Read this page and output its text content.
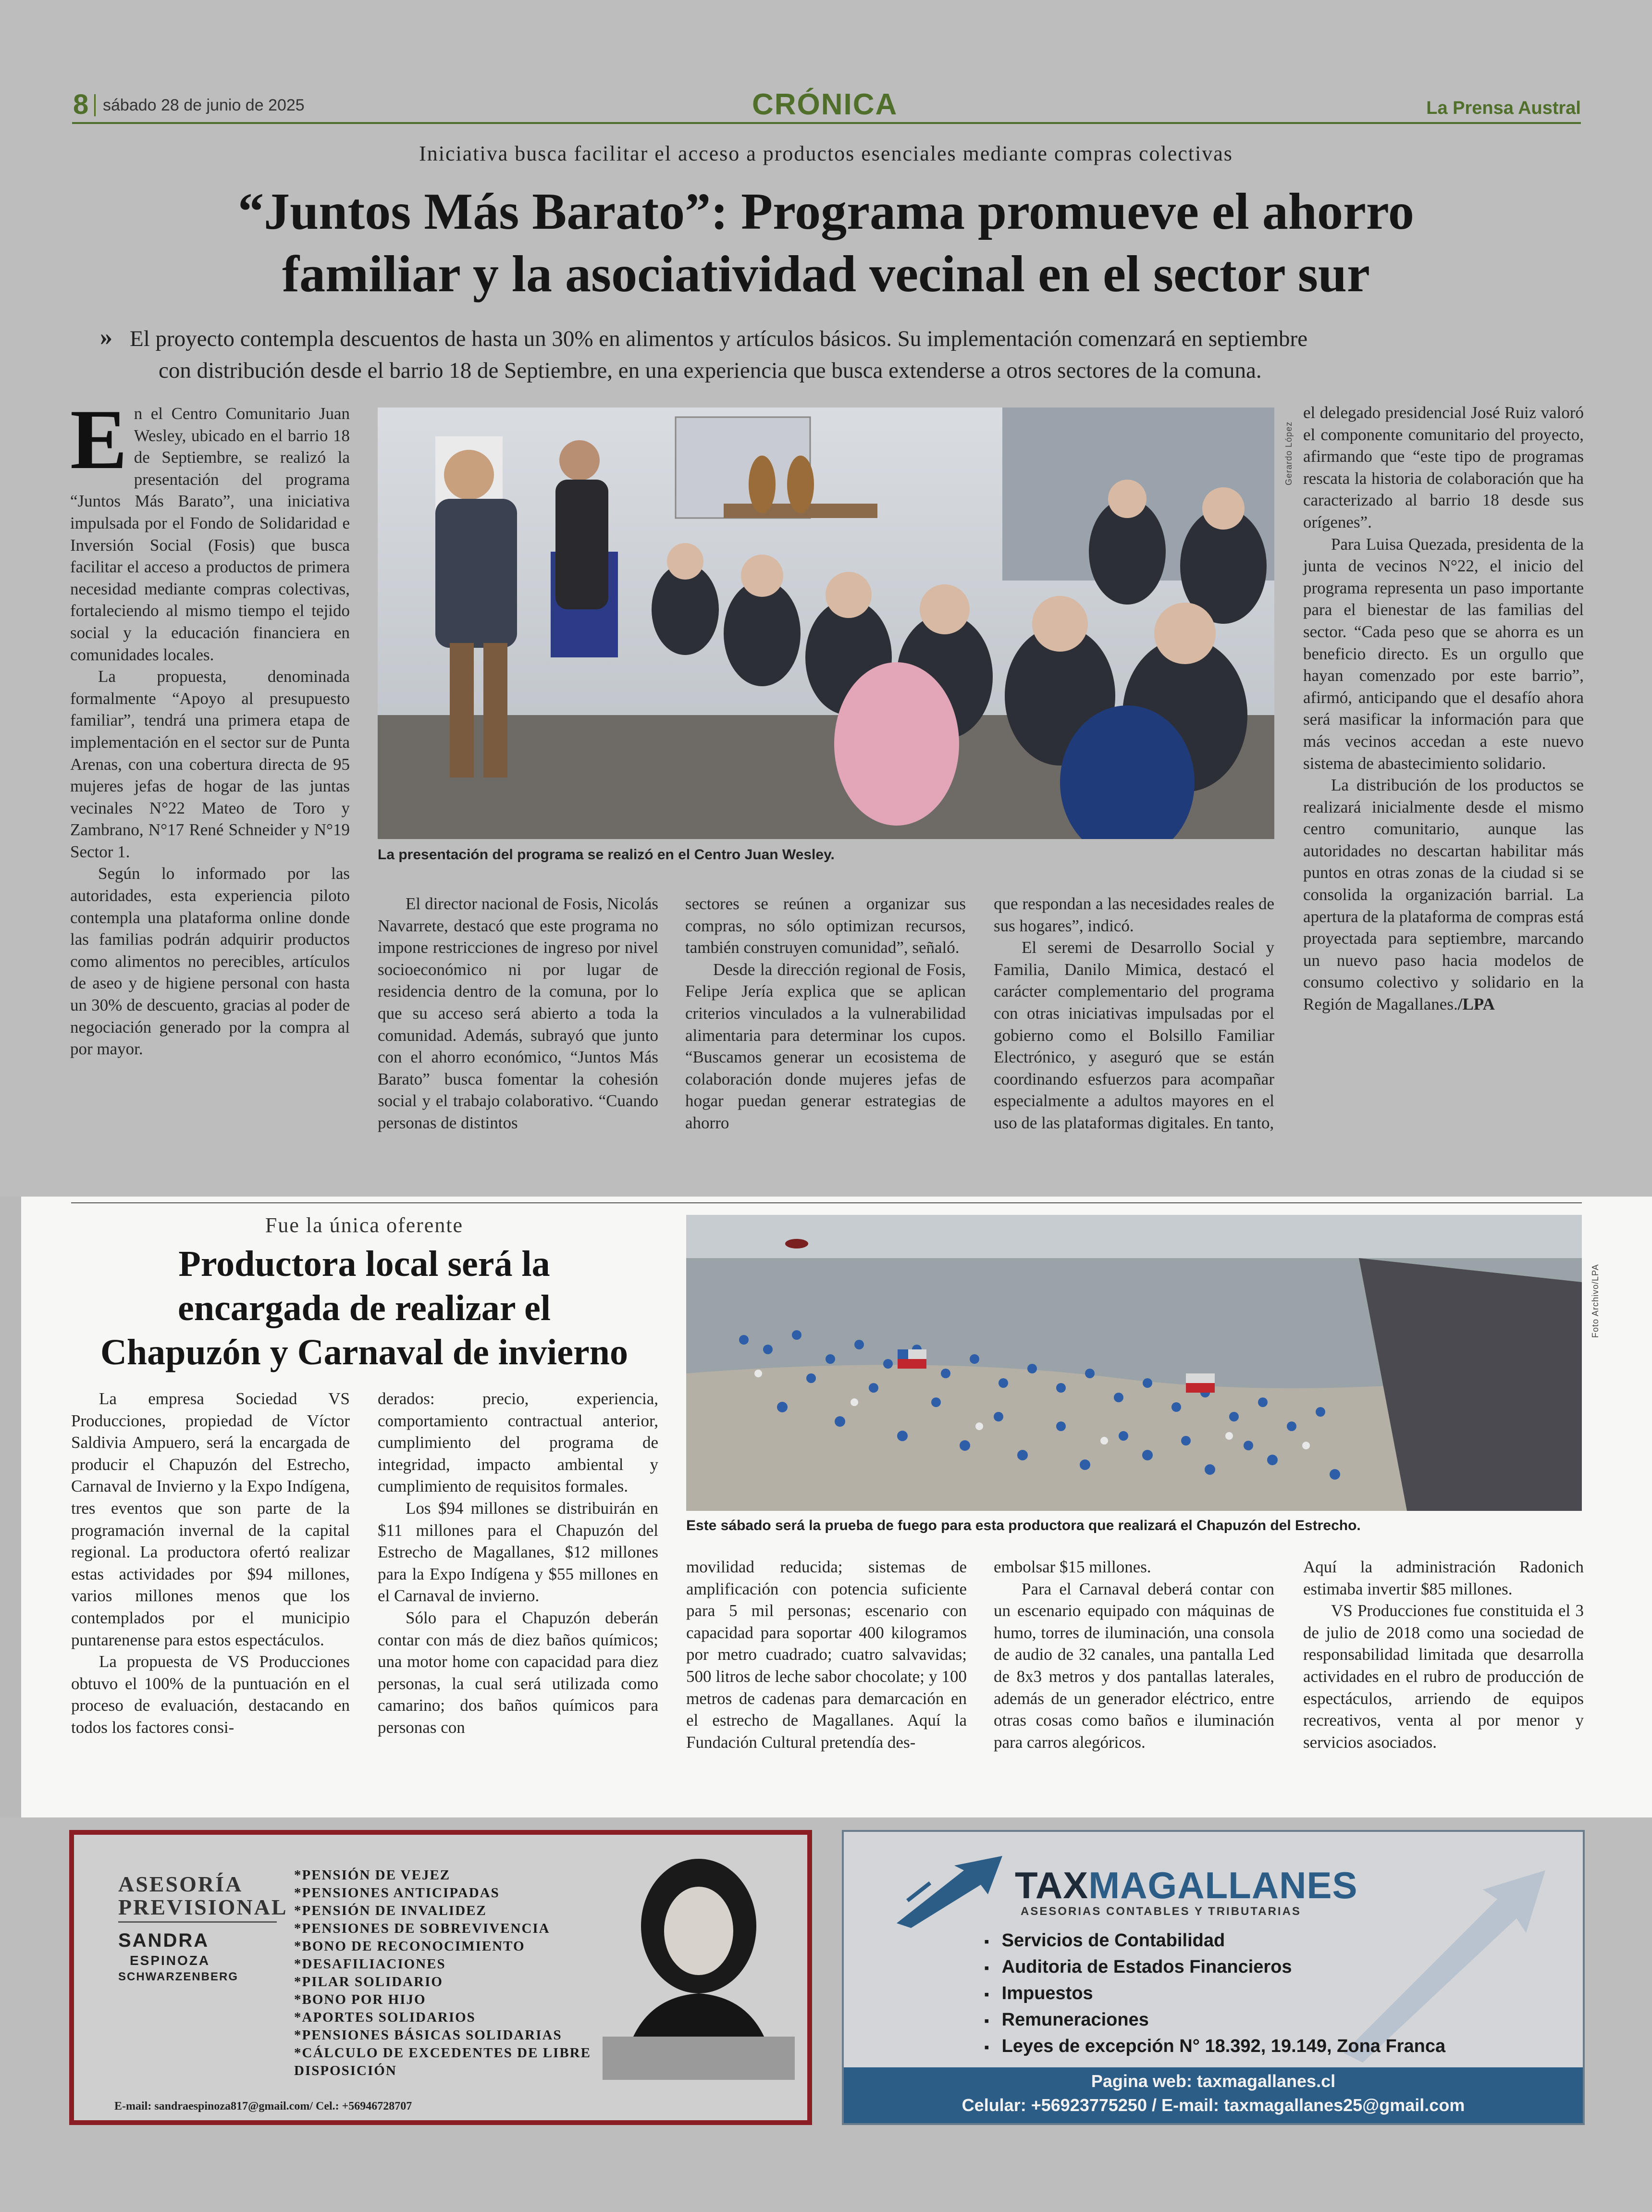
8 sábado 28 de junio de 2025	CRÓNICA	La Prensa Austral
Iniciativa busca facilitar el acceso a productos esenciales mediante compras colectivas
“Juntos Más Barato”: Programa promueve el ahorro
familiar y la asociatividad vecinal en el sector sur
» El proyecto contempla descuentos de hasta un 30% en alimentos y artículos básicos. Su implementación comenzará en septiembre
con distribución desde el barrio 18 de Septiembre, en una experiencia que busca extenderse a otros sectores de la comuna.
E n el Centro Comunitario Juan Wesley, ubicado en el barrio 18 de Septiembre, se realizó la presentación del programa “Juntos Más Barato”, una iniciativa impulsada por el Fondo de Solidaridad e Inversión Social (Fosis) que busca facilitar el acceso a productos de primera necesidad mediante compras colectivas, fortaleciendo al mismo tiempo el tejido social y la educación financiera en comunidades locales.

La propuesta, denominada formalmente “Apoyo al presupuesto familiar”, tendrá una primera etapa de implementación en el sector sur de Punta Arenas, con una cobertura directa de 95 mujeres jefas de hogar de las juntas vecinales N°22 Mateo de Toro y Zambrano, N°17 René Schneider y N°19 Sector 1.

Según lo informado por las autoridades, esta experiencia piloto contempla una plataforma online donde las familias podrán adquirir productos como alimentos no perecibles, artículos de aseo y de higiene personal con hasta un 30% de descuento, gracias al poder de negociación generado por la compra al por mayor.

Gerardo López
La presentación del programa se realizó en el Centro Juan Wesley.

El director nacional de Fosis, Nicolás Navarrete, destacó que este programa no impone restricciones de ingreso por nivel socioeconómico ni por lugar de residencia dentro de la comuna, por lo que su acceso será abierto a toda la comunidad. Además, subrayó que junto con el ahorro económico, “Juntos Más Barato” busca fomentar la cohesión social y el trabajo colaborativo. “Cuando personas de distintos

sectores se reúnen a organizar sus compras, no sólo optimizan recursos, también construyen comunidad”, señaló.

Desde la dirección regional de Fosis, Felipe Jería explica que se aplican criterios vinculados a la vulnerabilidad alimentaria para determinar los cupos. “Buscamos generar un ecosistema de colaboración donde mujeres jefas de hogar puedan generar estrategias de ahorro

que respondan a las necesidades reales de sus hogares”, indicó.

El seremi de Desarrollo Social y Familia, Danilo Mimica, destacó el carácter complementario del programa con otras iniciativas impulsadas por el gobierno como el Bolsillo Familiar Electrónico, y aseguró que se están coordinando esfuerzos para acompañar especialmente a adultos mayores en el uso de las plataformas digitales. En tanto,

el delegado presidencial José Ruiz valoró el componente comunitario del proyecto, afirmando que “este tipo de programas rescata la historia de colaboración que ha caracterizado al barrio 18 desde sus orígenes”.

Para Luisa Quezada, presidenta de la junta de vecinos N°22, el inicio del programa representa un paso importante para el bienestar de las familias del sector. “Cada peso que se ahorra es un beneficio directo. Es un orgullo que hayan comenzado por este barrio”, afirmó, anticipando que el desafío ahora será masificar la información para que más vecinos accedan a este nuevo sistema de abastecimiento solidario.

La distribución de los productos se realizará inicialmente desde el mismo centro comunitario, aunque las autoridades no descartan habilitar más puntos en otras zonas de la ciudad si se consolida la organización barrial. La apertura de la plataforma de compras está proyectada para septiembre, marcando un nuevo paso hacia modelos de consumo colectivo y solidario en la Región de Magallanes./LPA

Fue la única oferente
Productora local será la
encargada de realizar el
Chapuzón y Carnaval de invierno
Foto Archivo/LPA
Este sábado será la prueba de fuego para esta productora que realizará el Chapuzón del Estrecho.

La empresa Sociedad VS Producciones, propiedad de Víctor Saldivia Ampuero, será la encargada de producir el Chapuzón del Estrecho, Carnaval de Invierno y la Expo Indígena, tres eventos que son parte de la programación invernal de la capital regional. La productora ofertó realizar estas actividades por $94 millones, varios millones menos que los contemplados por el municipio puntarenense para estos espectáculos.

La propuesta de VS Producciones obtuvo el 100% de la puntuación en el proceso de evaluación, destacando en todos los factores consi-

derados: precio, experiencia, comportamiento contractual anterior, cumplimiento del programa de integridad, impacto ambiental y cumplimiento de requisitos formales.

Los $94 millones se distribuirán en $11 millones para el Chapuzón del Estrecho de Magallanes, $12 millones para la Expo Indígena y $55 millones en el Carnaval de invierno.

Sólo para el Chapuzón deberán contar con más de diez baños químicos; una motor home con capacidad para diez personas, la cual será utilizada como camarino; dos baños químicos para personas con

movilidad reducida; sistemas de amplificación con potencia suficiente para 5 mil personas; escenario con capacidad para soportar 400 kilogramos por metro cuadrado; cuatro salvavidas; 500 litros de leche sabor chocolate; y 100 metros de cadenas para demarcación en el estrecho de Magallanes. Aquí la Fundación Cultural pretendía des-

embolsar $15 millones.

Para el Carnaval deberá contar con un escenario equipado con máquinas de humo, torres de iluminación, una consola de audio de 32 canales, una pantalla Led de 8x3 metros y dos pantallas laterales, además de un generador eléctrico, entre otras cosas como baños e iluminación para carros alegóricos.

Aquí la administración Radonich estimaba invertir $85 millones.

VS Producciones fue constituida el 3 de julio de 2018 como una sociedad de responsabilidad limitada que desarrolla actividades en el rubro de producción de espectáculos, arriendo de equipos recreativos, venta al por menor y servicios asociados.

ASESORÍA
PREVISIONAL
SANDRA
ESPINOZA
SCHWARZENBERG
*PENSIÓN DE VEJEZ
*PENSIONES ANTICIPADAS
*PENSIÓN DE INVALIDEZ
*PENSIONES DE SOBREVIVENCIA
*BONO DE RECONOCIMIENTO
*DESAFILIACIONES
*PILAR SOLIDARIO
*BONO POR HIJO
*APORTES SOLIDARIOS
*PENSIONES BÁSICAS SOLIDARIAS
*CÁLCULO DE EXCEDENTES DE LIBRE
DISPOSICIÓN
E-mail: sandraespinoza817@gmail.com/ Cel.: +56946728707
TAXMAGALLANES
ASESORIAS CONTABLES Y TRIBUTARIAS
▪ Servicios de Contabilidad
▪ Auditoria de Estados Financieros
▪ Impuestos
▪ Remuneraciones
▪ Leyes de excepción N° 18.392, 19.149, Zona Franca
Pagina web: taxmagallanes.cl
Celular: +56923775250 / E-mail: taxmagallanes25@gmail.com
